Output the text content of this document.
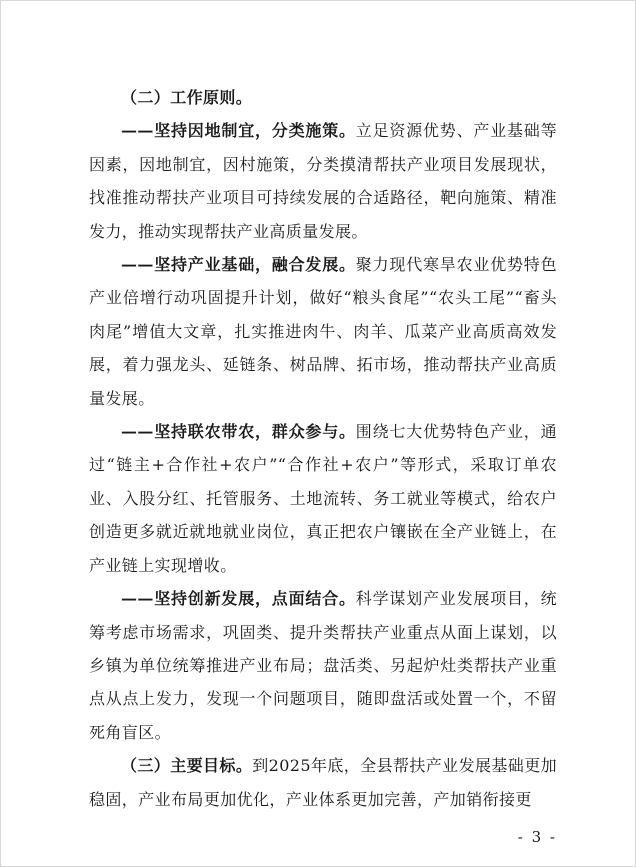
（二）工作原则。

——坚持因地制宜，分类施策。立足资源优势、产业基础等因素，因地制宜，因村施策，分类摸清帮扶产业项目发展现状，找准推动帮扶产业项目可持续发展的合适路径，靶向施策、精准发力，推动实现帮扶产业高质量发展。

——坚持产业基础，融合发展。聚力现代寒旱农业优势特色产业倍增行动巩固提升计划，做好“粮头食尾”“农头工尾”“畜头肉尾”增值大文章，扎实推进肉牛、肉羊、瓜菜产业高质高效发展，着力强龙头、延链条、树品牌、拓市场，推动帮扶产业高质量发展。

——坚持联农带农，群众参与。围绕七大优势特色产业，通过“链主+合作社+农户”“合作社+农户”等形式，采取订单农业、入股分红、托管服务、土地流转、务工就业等模式，给农户创造更多就近就地就业岗位，真正把农户镶嵌在全产业链上，在产业链上实现增收。

——坚持创新发展，点面结合。科学谋划产业发展项目，统筹考虑市场需求，巩固类、提升类帮扶产业重点从面上谋划，以乡镇为单位统筹推进产业布局；盘活类、另起炉灶类帮扶产业重点从点上发力，发现一个问题项目，随即盘活或处置一个，不留死角盲区。

（三）主要目标。到2025年底，全县帮扶产业发展基础更加稳固，产业布局更加优化，产业体系更加完善，产加销衔接更

- 3 -
